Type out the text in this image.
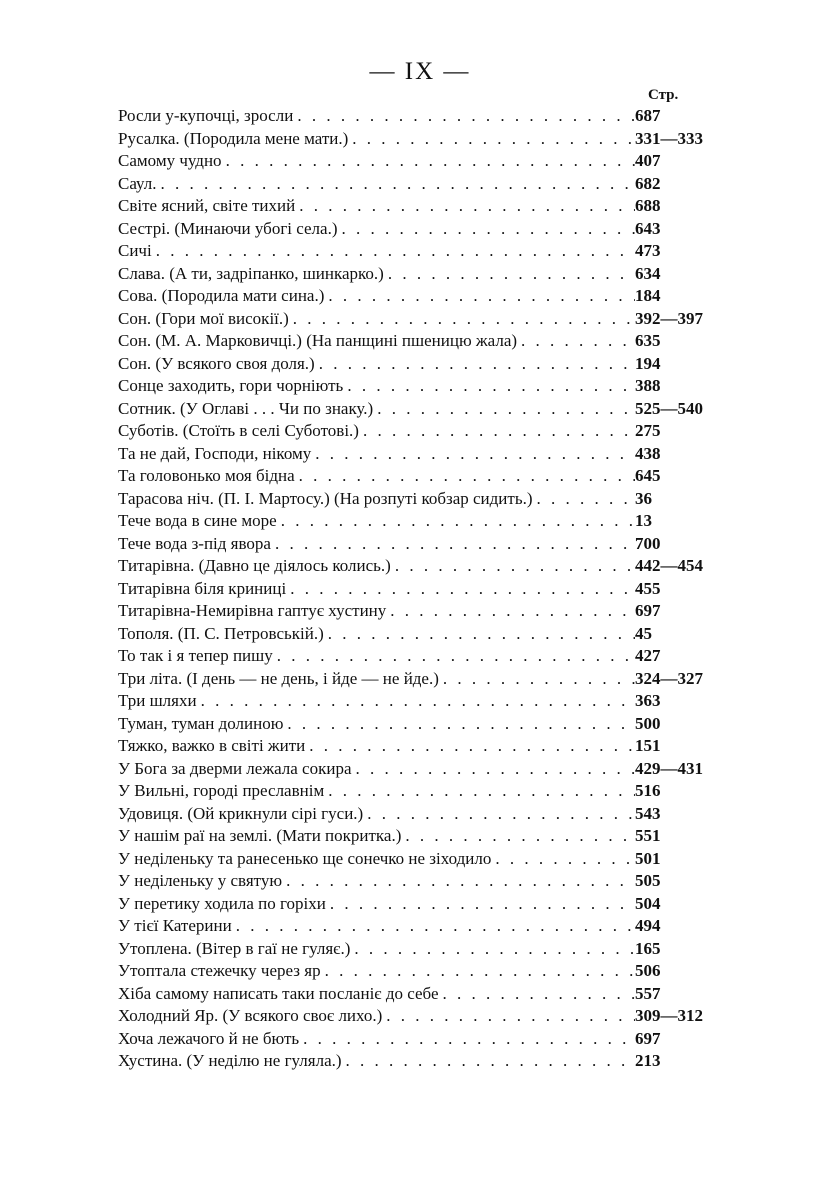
— IX —
Стр.
Росли у-купочці, зросли . . .	687
Русалка. (Породила мене мати.) . . .	331—333
Самому чудно . . .	407
Саул. . . .	682
Світе ясний, світе тихий . . .	688
Сестрі. (Минаючи убогі села.) . . .	643
Сичі . . .	473
Слава. (А ти, задріпанко, шинкарко.) . . .	634
Сова. (Породила мати сина.) . . .	184
Сон. (Гори мої високії.) . . .	392—397
Сон. (М. А. Марковичці.) (На панщині пшеницю жала) . . .	635
Сон. (У всякого своя доля.) . . .	194
Сонце заходить, гори чорніють . . .	388
Сотник. (У Оглаві . . . Чи по знаку.) . . .	525—540
Суботів. (Стоїть в селі Суботові.) . . .	275
Та не дай, Господи, нікому . . .	438
Та головонько моя бідна . . .	645
Тарасова ніч. (П. І. Мартосу.) (На розпуті кобзар сидить.) . . .	36
Тече вода в сине море . . .	13
Тече вода з-під явора . . .	700
Титарівна. (Давно це діялось колись.) . . .	442—454
Титарівна біля криниці . . .	455
Титарівна-Немирівна гаптує хустину . . .	697
Тополя. (П. С. Петровській.) . . .	45
То так і я тепер пишу . . .	427
Три літа. (І день — не день, і йде — не йде.) . . .	324—327
Три шляхи . . .	363
Туман, туман долиною . . .	500
Тяжко, важко в світі жити . . .	151
У Бога за дверми лежала сокира . . .	429—431
У Вильні, городі преславнім . . .	516
Удовиця. (Ой крикнули сірі гуси.) . . .	543
У нашім раї на землі. (Мати покритка.) . . .	551
У неділеньку та ранесенько ще сонечко не зіходило . . .	501
У неділеньку у святую . . .	505
У перетику ходила по горіхи . . .	504
У тієї Катерини . . .	494
Утоплена. (Вітер в гаї не гуляє.) . . .	165
Утоптала стежечку через яр . . .	506
Хіба самому написать таки посланіє до себе . . .	557
Холодний Яр. (У всякого своє лихо.) . . .	309—312
Хоча лежачого й не бють . . .	697
Хустина. (У неділю не гуляла.) . . .	213
